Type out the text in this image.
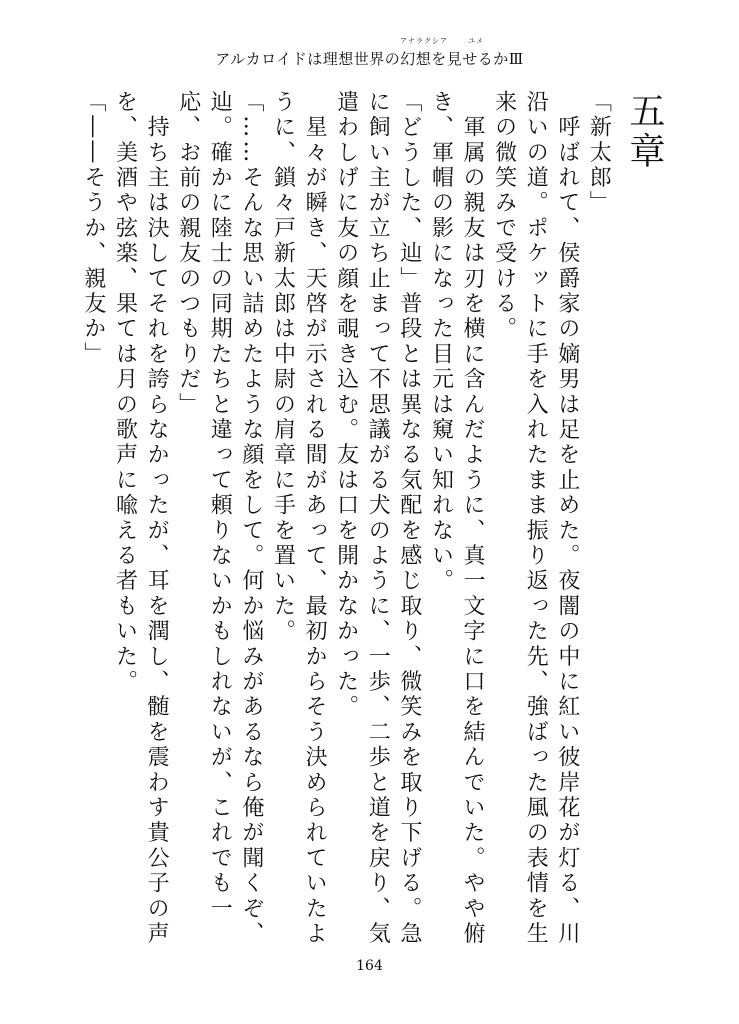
アナラクシア	ユメ
アルカロイドは理想世界の幻想を見せるかⅢ
五章
「新太郎」
　呼ばれて、侯爵家の嫡男は足を止めた。夜闇の中に紅い彼岸花が灯る、川沿いの道。ポケットに手を入れたまま振り返った先、強ばった風の表情を生来の微笑みで受ける。
　軍属の親友は刃を横に含んだように、真一文字に口を結んでいた。やや俯き、軍帽の影になった目元は窺い知れない。
「どうした、辿」普段とは異なる気配を感じ取り、微笑みを取り下げる。急に飼い主が立ち止まって不思議がる犬のように、一歩、二歩と道を戻り、気遣わしげに友の顔を覗き込む。友は口を開かなかった。
　星々が瞬き、天啓が示される間があって、最初からそう決められていたように、鎖々戸新太郎は中尉の肩章に手を置いた。
「……そんな思い詰めたような顔をして。何か悩みがあるなら俺が聞くぞ、辿。確かに陸士の同期たちと違って頼りないかもしれないが、これでも一応、お前の親友のつもりだ」
　持ち主は決してそれを誇らなかったが、耳を潤し、髄を震わす貴公子の声を、美酒や弦楽、果ては月の歌声に喩える者もいた。
「――そうか、親友か」
164
